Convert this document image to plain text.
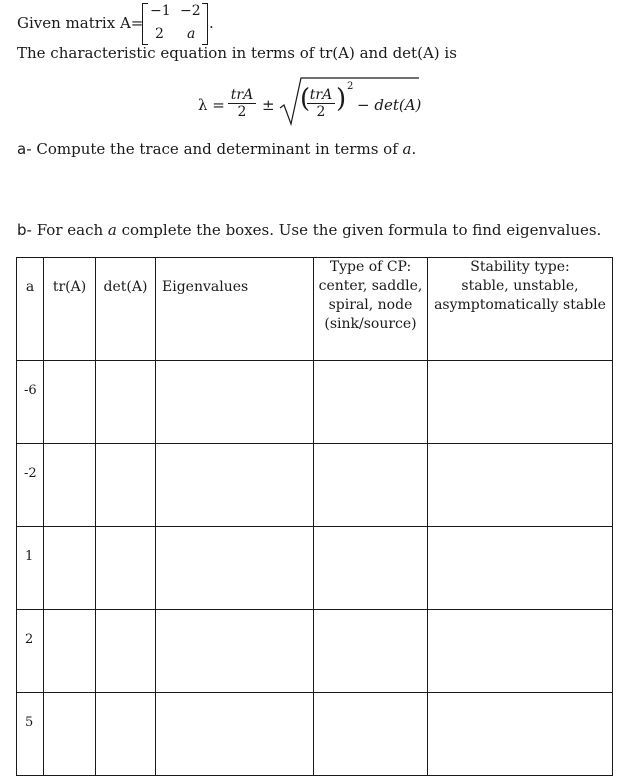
Given matrix A=
−1 −2
2 a
.
The characteristic equation in terms of tr(A) and det(A) is
λ =
trA
2	± ( trA
2 ) 2
− det(A)
a- Compute the trace and determinant in terms of a.
b- For each a complete the boxes. Use the given formula to find eigenvalues.
a	tr(A)	det(A)	Eigenvalues	Type of CP:
center, saddle,
spiral, node
(sink/source)	Stability type:
stable, unstable,
asymptomatically stable

-6					

-2					

1					

2					

5					
